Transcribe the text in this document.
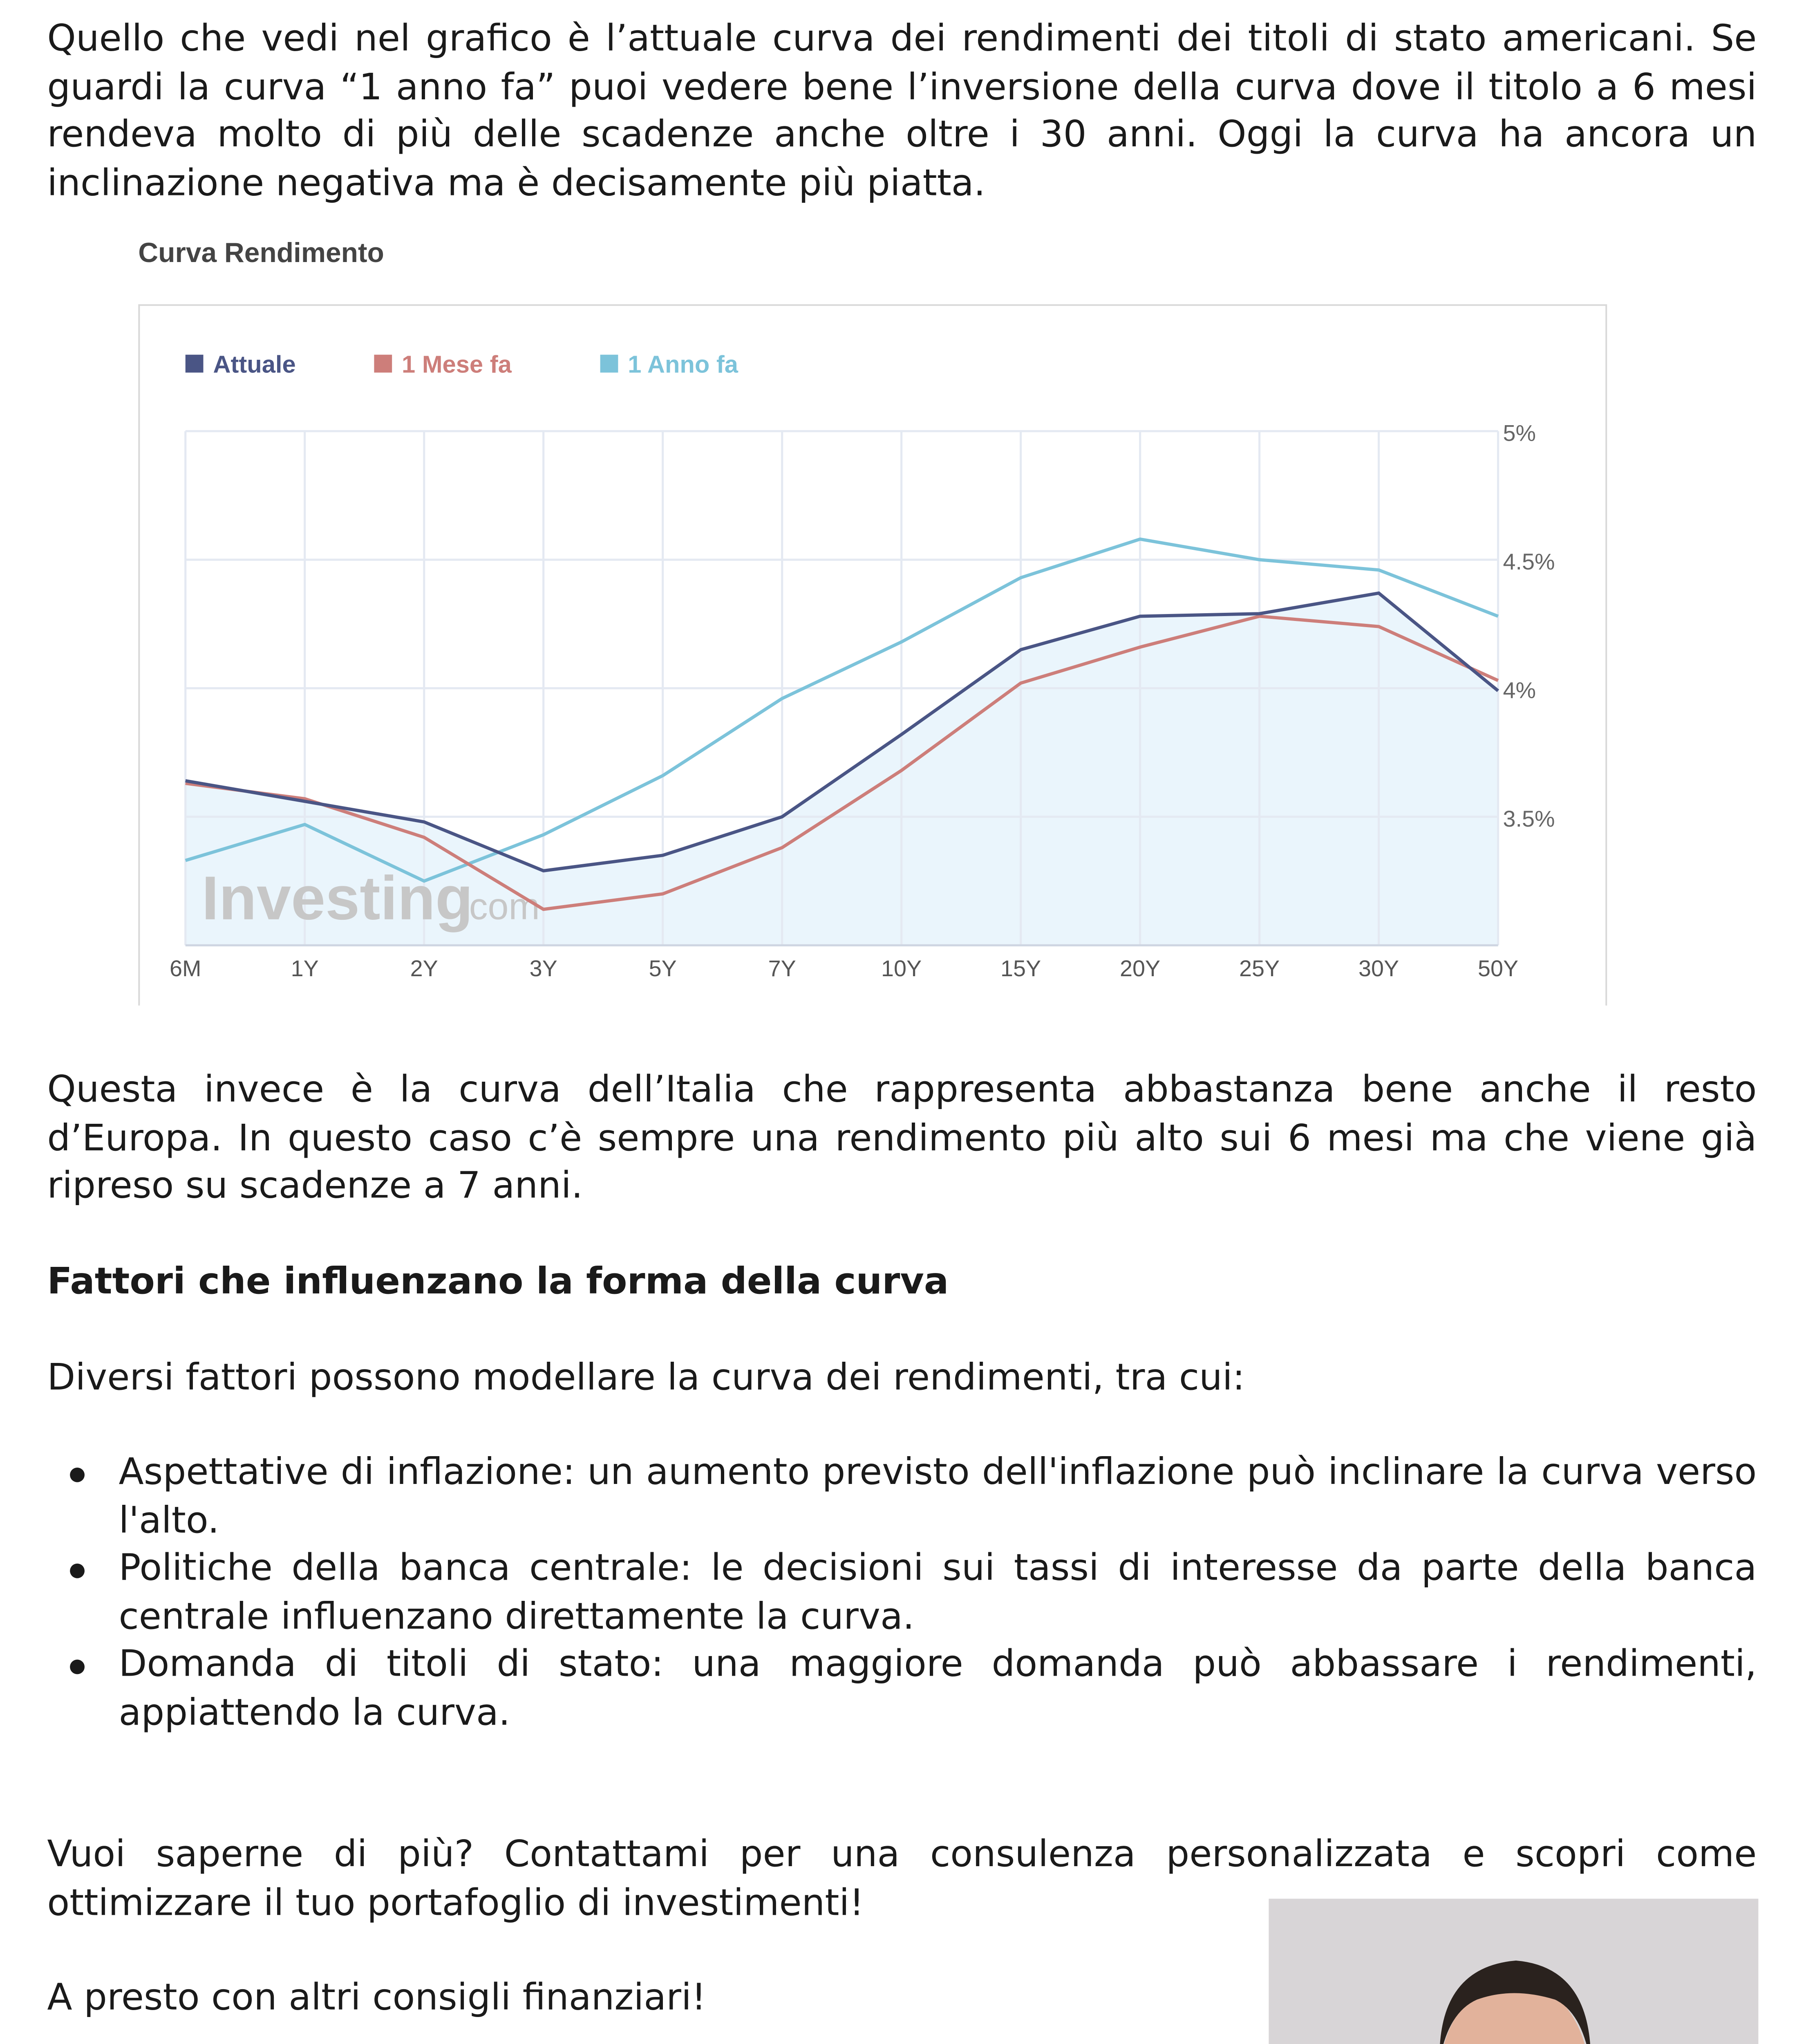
Quello che vedi nel grafico è l’attuale curva dei rendimenti dei titoli di stato americani. Se guardi la curva “1 anno fa” puoi vedere bene l’inversione della curva dove il titolo a 6 mesi rendeva molto di più delle scadenze anche oltre i 30 anni. Oggi la curva ha ancora un inclinazione negativa ma è decisamente più piatta.

Curva Rendimento
5%
4.5%
4%
3.5%
Investing
.com
6M	1Y	2Y	3Y	5Y	7Y	10Y	15Y	20Y	25Y	30Y	50Y
Attuale	1 Mese fa	1 Anno fa

Questa invece è la curva dell’Italia che rappresenta abbastanza bene anche il resto d’Europa. In questo caso c’è sempre una rendimento più alto sui 6 mesi ma che viene già ripreso su scadenze a 7 anni.

Fattori che influenzano la forma della curva

Diversi fattori possono modellare la curva dei rendimenti, tra cui:

Aspettative di inflazione: un aumento previsto dell'inflazione può inclinare la curva verso l'alto.
Politiche della banca centrale: le decisioni sui tassi di interesse da parte della banca centrale influenzano direttamente la curva.
Domanda di titoli di stato: una maggiore domanda può abbassare i rendimenti, appiattendo la curva.

Vuoi saperne di più? Contattami per una consulenza personalizzata e scopri come ottimizzare il tuo portafoglio di investimenti!

A presto con altri consigli finanziari!
